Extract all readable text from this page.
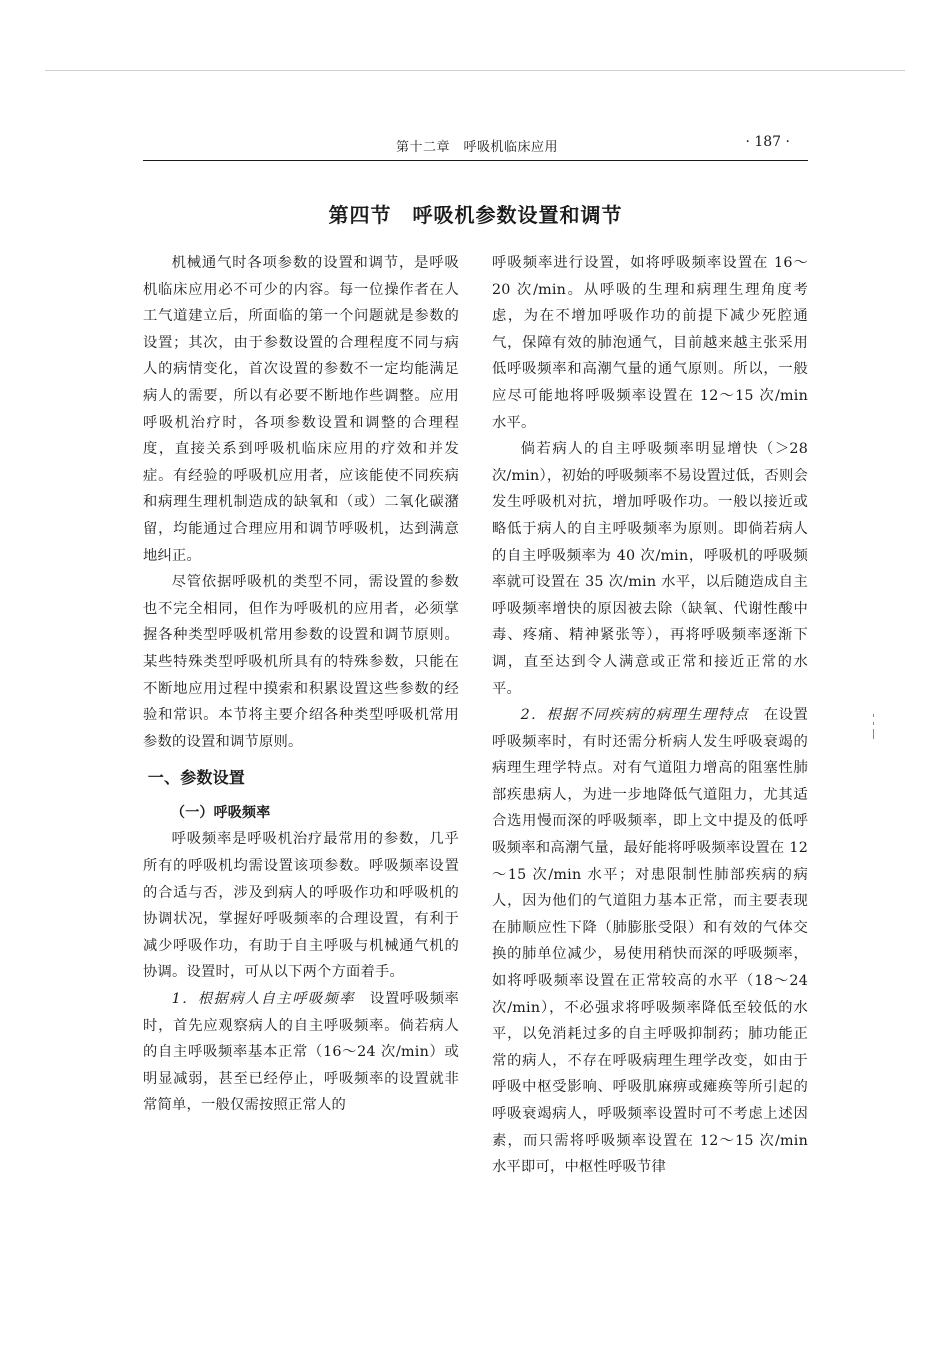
第十二章　呼吸机临床应用	· 187 ·
第四节　呼吸机参数设置和调节

机械通气时各项参数的设置和调节，是呼吸机临床应用必不可少的内容。每一位操作者在人工气道建立后，所面临的第一个问题就是参数的设置；其次，由于参数设置的合理程度不同与病人的病情变化，首次设置的参数不一定均能满足病人的需要，所以有必要不断地作些调整。应用呼吸机治疗时，各项参数设置和调整的合理程度，直接关系到呼吸机临床应用的疗效和并发症。有经验的呼吸机应用者，应该能使不同疾病和病理生理机制造成的缺氧和（或）二氧化碳潴留，均能通过合理应用和调节呼吸机，达到满意地纠正。

尽管依据呼吸机的类型不同，需设置的参数也不完全相同，但作为呼吸机的应用者，必须掌握各种类型呼吸机常用参数的设置和调节原则。某些特殊类型呼吸机所具有的特殊参数，只能在不断地应用过程中摸索和积累设置这些参数的经验和常识。本节将主要介绍各种类型呼吸机常用参数的设置和调节原则。

一、参数设置
（一）呼吸频率

呼吸频率是呼吸机治疗最常用的参数，几乎所有的呼吸机均需设置该项参数。呼吸频率设置的合适与否，涉及到病人的呼吸作功和呼吸机的协调状况，掌握好呼吸频率的合理设置，有利于减少呼吸作功，有助于自主呼吸与机械通气机的协调。设置时，可从以下两个方面着手。

1．根据病人自主呼吸频率　设置呼吸频率时，首先应观察病人的自主呼吸频率。倘若病人的自主呼吸频率基本正常（16～24 次/min）或明显减弱，甚至已经停止，呼吸频率的设置就非常简单，一般仅需按照正常人的

呼吸频率进行设置，如将呼吸频率设置在 16～20 次/min。从呼吸的生理和病理生理角度考虑，为在不增加呼吸作功的前提下减少死腔通气，保障有效的肺泡通气，目前越来越主张采用低呼吸频率和高潮气量的通气原则。所以，一般应尽可能地将呼吸频率设置在 12～15 次/min 水平。

倘若病人的自主呼吸频率明显增快（＞28 次/min），初始的呼吸频率不易设置过低，否则会发生呼吸机对抗，增加呼吸作功。一般以接近或略低于病人的自主呼吸频率为原则。即倘若病人的自主呼吸频率为 40 次/min，呼吸机的呼吸频率就可设置在 35 次/min 水平，以后随造成自主呼吸频率增快的原因被去除（缺氧、代谢性酸中毒、疼痛、精神紧张等），再将呼吸频率逐渐下调，直至达到令人满意或正常和接近正常的水平。

2．根据不同疾病的病理生理特点　在设置呼吸频率时，有时还需分析病人发生呼吸衰竭的病理生理学特点。对有气道阻力增高的阻塞性肺部疾患病人，为进一步地降低气道阻力，尤其适合选用慢而深的呼吸频率，即上文中提及的低呼吸频率和高潮气量，最好能将呼吸频率设置在 12～15 次/min 水平；对患限制性肺部疾病的病人，因为他们的气道阻力基本正常，而主要表现在肺顺应性下降（肺膨胀受限）和有效的气体交换的肺单位减少，易使用稍快而深的呼吸频率，如将呼吸频率设置在正常较高的水平（18～24 次/min），不必强求将呼吸频率降低至较低的水平，以免消耗过多的自主呼吸抑制药；肺功能正常的病人，不存在呼吸病理生理学改变，如由于呼吸中枢受影响、呼吸肌麻痹或瘫痪等所引起的呼吸衰竭病人，呼吸频率设置时可不考虑上述因素，而只需将呼吸频率设置在 12～15 次/min 水平即可，中枢性呼吸节律
